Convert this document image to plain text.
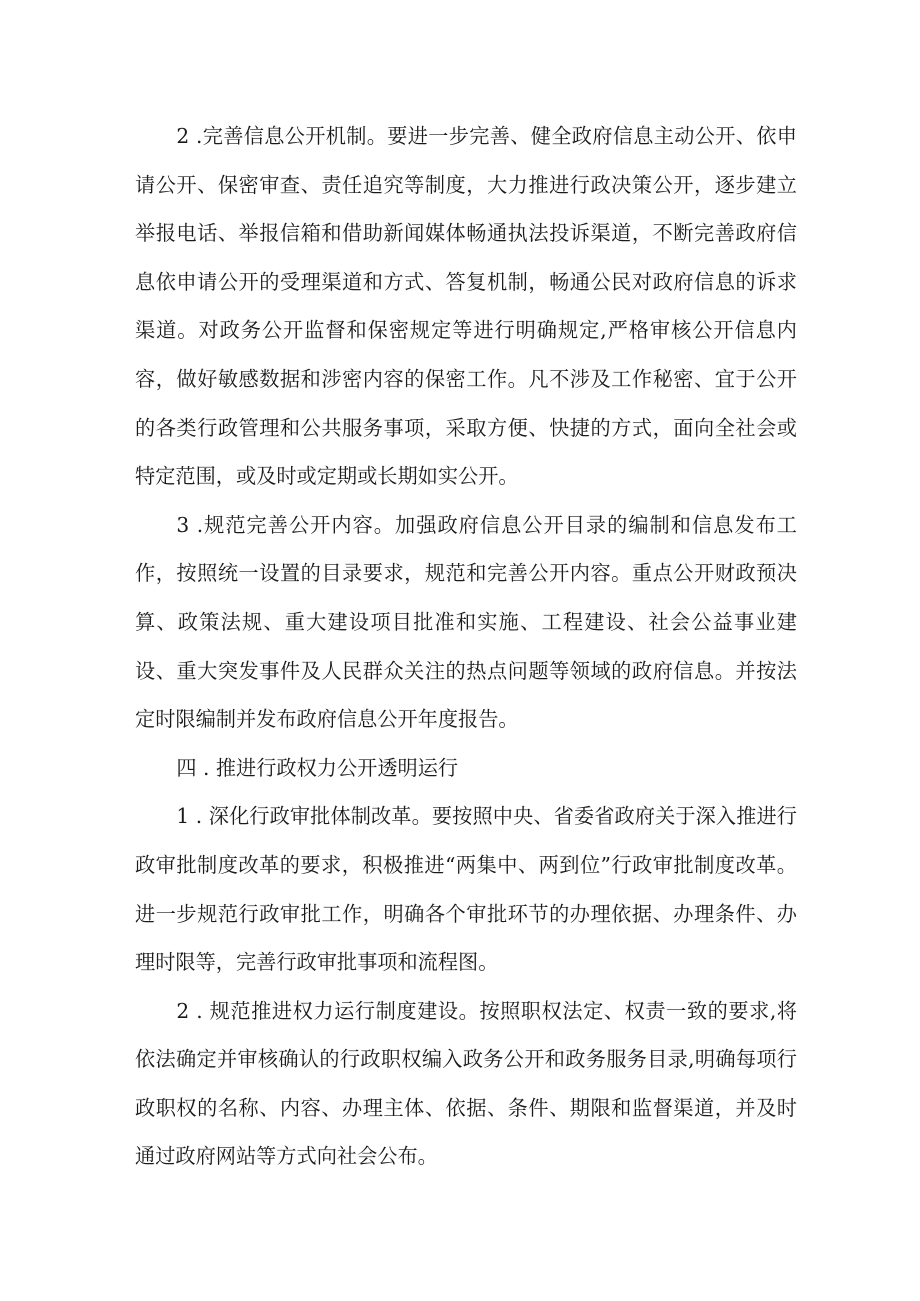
2 .完善信息公开机制。要进一步完善、健全政府信息主动公开、依申请公开、保密审查、责任追究等制度，大力推进行政决策公开，逐步建立举报电话、举报信箱和借助新闻媒体畅通执法投诉渠道，不断完善政府信息依申请公开的受理渠道和方式、答复机制，畅通公民对政府信息的诉求渠道。对政务公开监督和保密规定等进行明确规定,严格审核公开信息内容，做好敏感数据和涉密内容的保密工作。凡不涉及工作秘密、宜于公开的各类行政管理和公共服务事项，采取方便、快捷的方式，面向全社会或特定范围，或及时或定期或长期如实公开。

3 .规范完善公开内容。加强政府信息公开目录的编制和信息发布工作，按照统一设置的目录要求，规范和完善公开内容。重点公开财政预决算、政策法规、重大建设项目批准和实施、工程建设、社会公益事业建设、重大突发事件及人民群众关注的热点问题等领域的政府信息。并按法定时限编制并发布政府信息公开年度报告。

四 . 推进行政权力公开透明运行

1 . 深化行政审批体制改革。要按照中央、省委省政府关于深入推进行政审批制度改革的要求，积极推进“两集中、两到位”行政审批制度改革。进一步规范行政审批工作，明确各个审批环节的办理依据、办理条件、办理时限等，完善行政审批事项和流程图。

2 . 规范推进权力运行制度建设。按照职权法定、权责一致的要求,将依法确定并审核确认的行政职权编入政务公开和政务服务目录,明确每项行政职权的名称、内容、办理主体、依据、条件、期限和监督渠道，并及时通过政府网站等方式向社会公布。
